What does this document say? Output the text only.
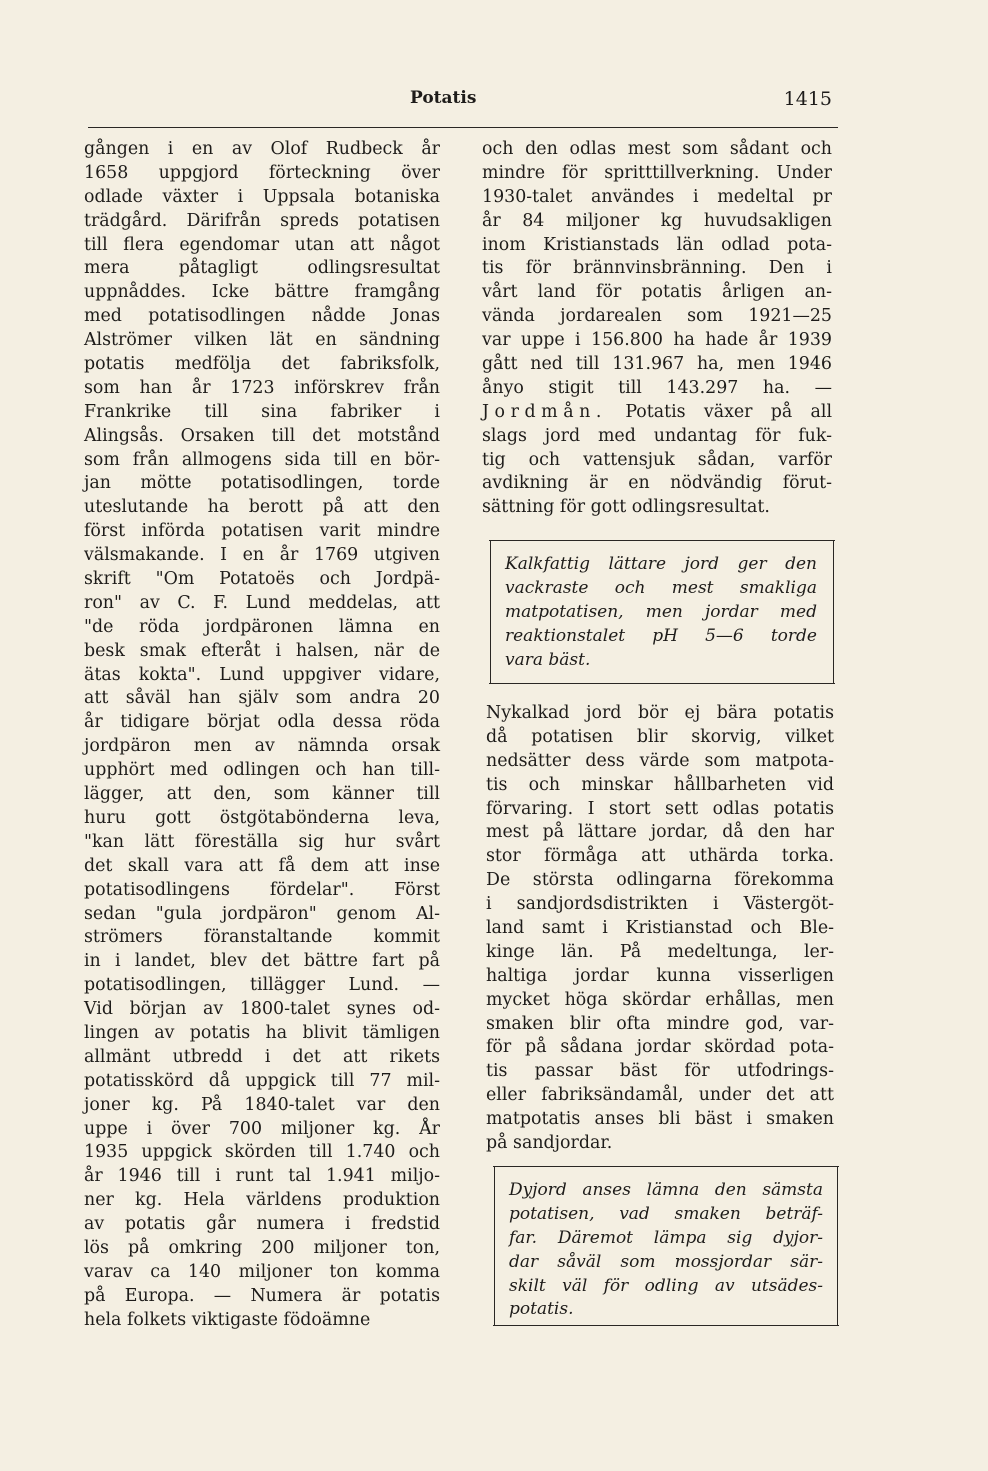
Potatis	1415
gången i en av Olof Rudbeck år
1658 uppgjord förteckning över
odlade växter i Uppsala botaniska
trädgård. Därifrån spreds potatisen
till flera egendomar utan att något
mera påtagligt odlingsresultat
uppnåddes. Icke bättre framgång
med potatisodlingen nådde Jonas
Alströmer vilken lät en sändning
potatis medfölja det fabriksfolk,
som han år 1723 införskrev från
Frankrike till sina fabriker i
Alingsås. Orsaken till det motstånd
som från allmogens sida till en bör-
jan mötte potatisodlingen, torde
uteslutande ha berott på att den
först införda potatisen varit mindre
välsmakande. I en år 1769 utgiven
skrift "Om Potatoës och Jordpä-
ron" av C. F. Lund meddelas, att
"de röda jordpäronen lämna en
besk smak efteråt i halsen, när de
ätas kokta". Lund uppgiver vidare,
att såväl han själv som andra 20
år tidigare börjat odla dessa röda
jordpäron men av nämnda orsak
upphört med odlingen och han till-
lägger, att den, som känner till
huru gott östgötabönderna leva,
"kan lätt föreställa sig hur svårt
det skall vara att få dem att inse
potatisodlingens fördelar". Först
sedan "gula jordpäron" genom Al-
strömers föranstaltande kommit
in i landet, blev det bättre fart på
potatisodlingen, tillägger Lund. —
Vid början av 1800-talet synes od-
lingen av potatis ha blivit tämligen
allmänt utbredd i det att rikets
potatisskörd då uppgick till 77 mil-
joner kg. På 1840-talet var den
uppe i över 700 miljoner kg. År
1935 uppgick skörden till 1.740 och
år 1946 till i runt tal 1.941 miljo-
ner kg. Hela världens produktion
av potatis går numera i fredstid
lös på omkring 200 miljoner ton,
varav ca 140 miljoner ton komma
på Europa. — Numera är potatis
hela folkets viktigaste födoämne
och den odlas mest som sådant och
mindre för spritttillverkning. Under
1930-talet användes i medeltal pr
år 84 miljoner kg huvudsakligen
inom Kristianstads län odlad pota-
tis för brännvinsbränning. Den i
vårt land för potatis årligen an-
vända jordarealen som 1921—25
var uppe i 156.800 ha hade år 1939
gått ned till 131.967 ha, men 1946
ånyo stigit till 143.297 ha. —
Jordmån. Potatis växer på all
slags jord med undantag för fuk-
tig och vattensjuk sådan, varför
avdikning är en nödvändig förut-
sättning för gott odlingsresultat.
Kalkfattig lättare jord ger den
vackraste och mest smakliga
matpotatisen, men jordar med
reaktionstalet pH 5—6 torde
vara bäst.
Nykalkad jord bör ej bära potatis
då potatisen blir skorvig, vilket
nedsätter dess värde som matpota-
tis och minskar hållbarheten vid
förvaring. I stort sett odlas potatis
mest på lättare jordar, då den har
stor förmåga att uthärda torka.
De största odlingarna förekomma
i sandjordsdistrikten i Västergöt-
land samt i Kristianstad och Ble-
kinge län. På medeltunga, ler-
haltiga jordar kunna visserligen
mycket höga skördar erhållas, men
smaken blir ofta mindre god, var-
för på sådana jordar skördad pota-
tis passar bäst för utfodrings-
eller fabriksändamål, under det att
matpotatis anses bli bäst i smaken
på sandjordar.
Dyjord anses lämna den sämsta
potatisen, vad smaken beträf-
far. Däremot lämpa sig dyjor-
dar såväl som mossjordar sär-
skilt väl för odling av utsädes-
potatis.
